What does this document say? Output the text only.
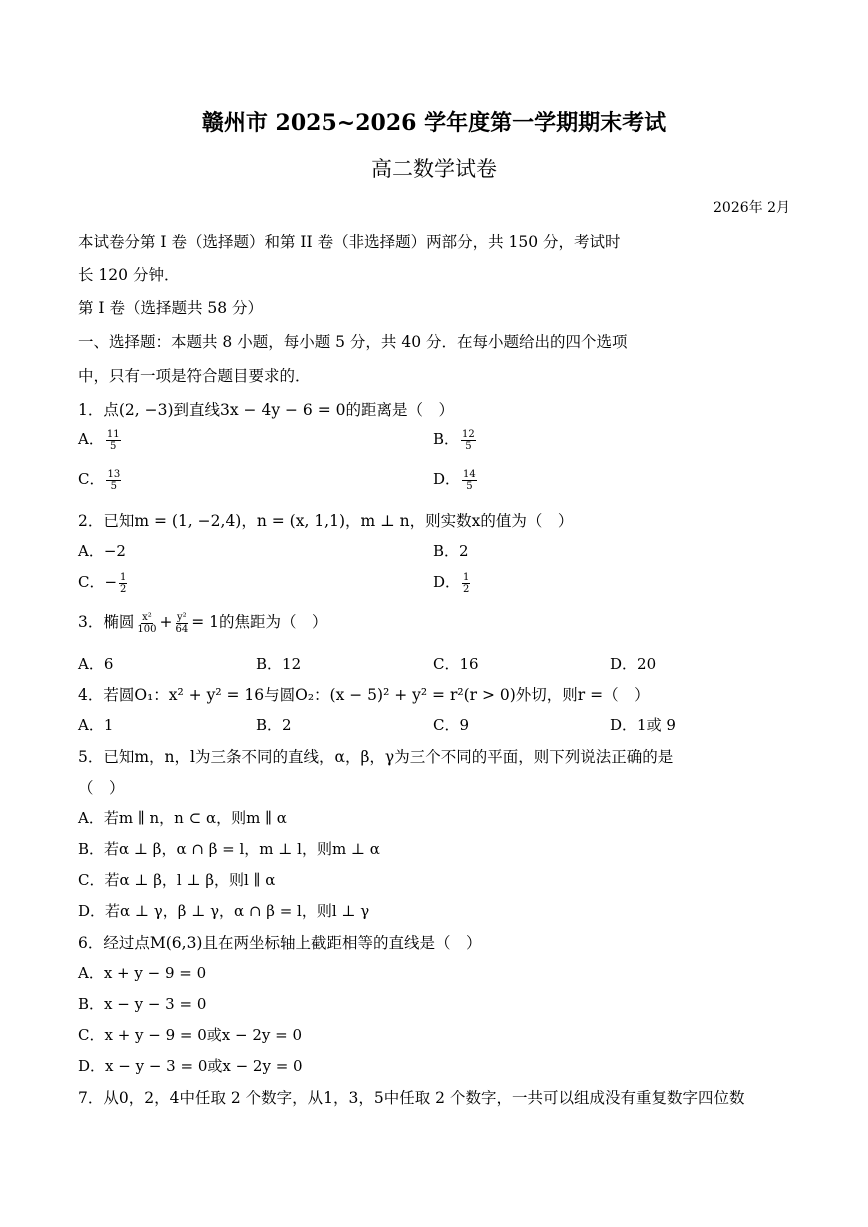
赣州市 2025~2026 学年度第一学期期末考试
高二数学试卷
2026年 2月
本试卷分第 I 卷（选择题）和第 II 卷（非选择题）两部分，共 150 分，考试时
长 120 分钟．
第 I 卷（选择题共 58 分）
一、选择题：本题共 8 小题，每小题 5 分，共 40 分．在每小题给出的四个选项
中，只有一项是符合题目要求的．
1．点(2, −3)到直线3x − 4y − 6 = 0的距离是（　）
A． $\frac{11}{5}$	B． $\frac{12}{5}$
C． $\frac{13}{5}$	D． $\frac{14}{5}$
2．已知m = (1, −2,4)，n = (x, 1,1)，m ⊥ n，则实数x的值为（　）
A．−2	B．2
C．− $\frac{1}{2}$	D． $\frac{1}{2}$
3．椭圆 $\frac{\text{x²}}{100} + \frac{\text{y²}}{64} = 1$的焦距为（　）
A．6	B．12	C．16	D．20
4．若圆O₁：x² + y² = 16与圆O₂：(x − 5)² + y² = r²(r > 0)外切，则r =（　）
A．1	B．2	C．9	D．1或 9
5．已知m，n，l为三条不同的直线，α，β，γ为三个不同的平面，则下列说法正确的是
（　）
A．若m ∥ n，n ⊂ α，则m ∥ α
B．若α ⊥ β，α ∩ β = l，m ⊥ l，则m ⊥ α
C．若α ⊥ β，l ⊥ β，则l ∥ α
D．若α ⊥ γ，β ⊥ γ，α ∩ β = l，则l ⊥ γ
6．经过点M(6,3)且在两坐标轴上截距相等的直线是（　）
A．x + y − 9 = 0
B．x − y − 3 = 0
C．x + y − 9 = 0或x − 2y = 0
D．x − y − 3 = 0或x − 2y = 0
7．从0，2，4中任取 2 个数字，从1，3，5中任取 2 个数字，一共可以组成没有重复数字四位数
